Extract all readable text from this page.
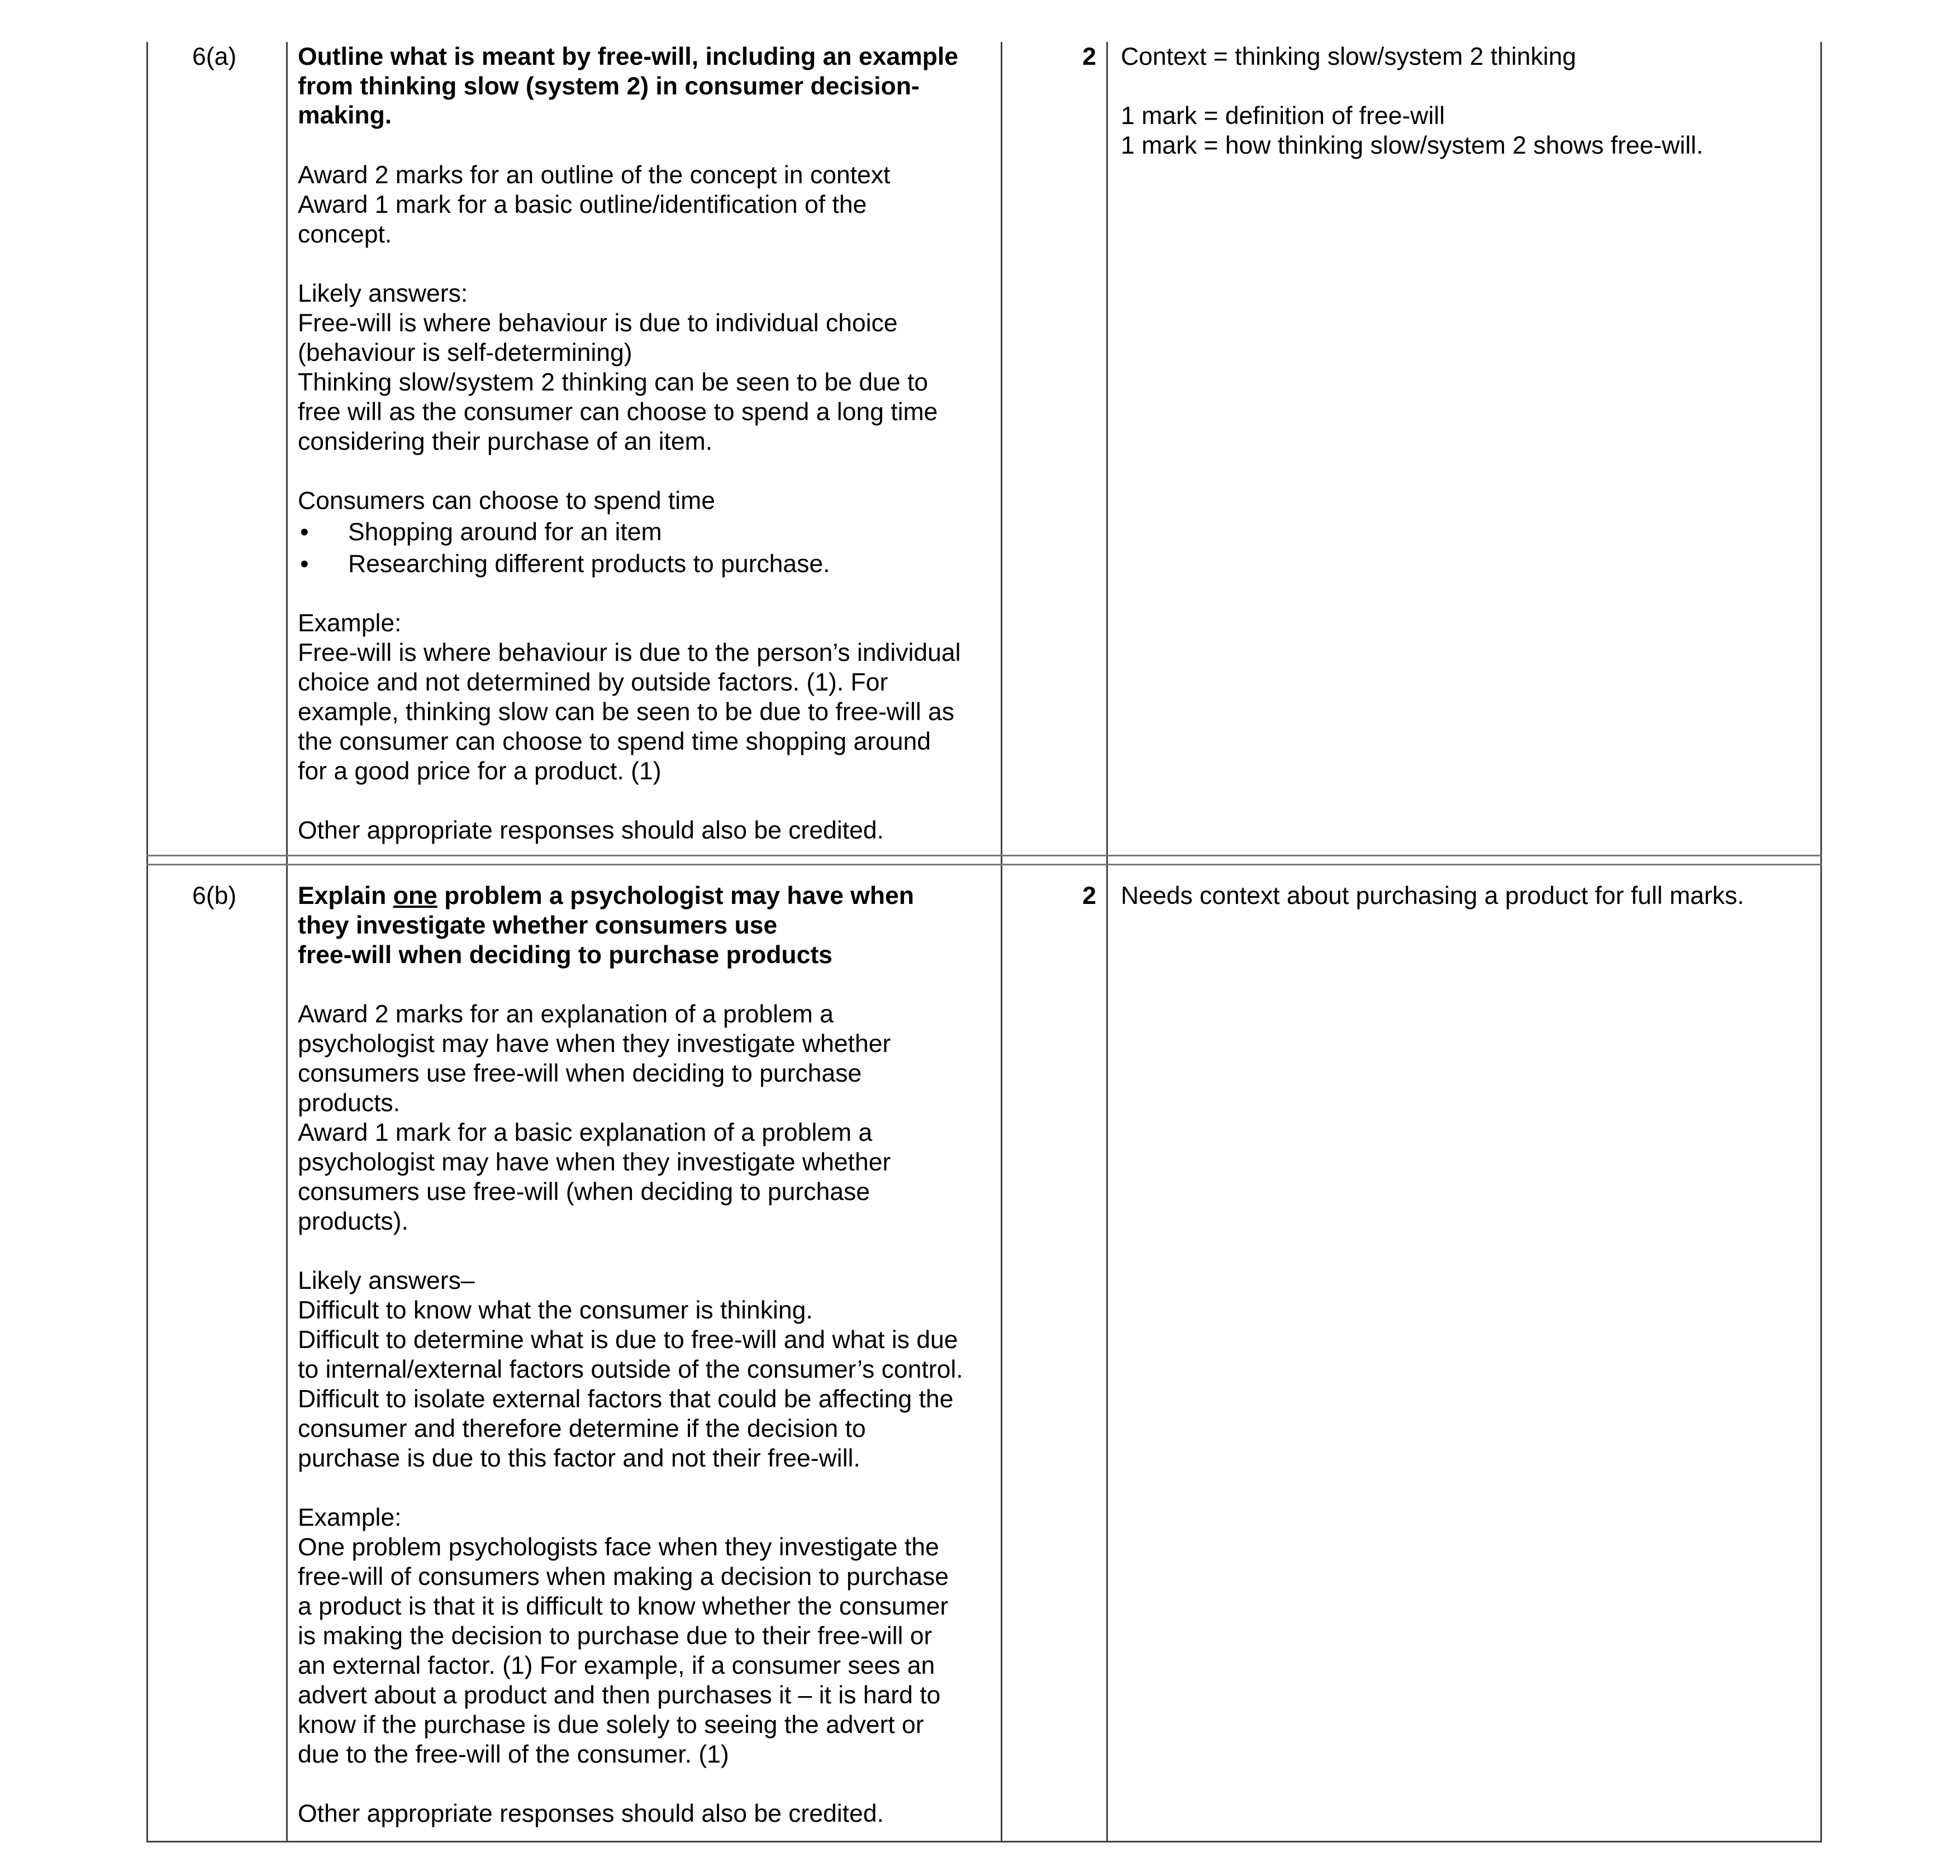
6(a) Outline what is meant by free-will, including an example
from thinking slow (system 2) in consumer decision-
making.
Award 2 marks for an outline of the concept in context
Award 1 mark for a basic outline/identification of the
concept.
Likely answers:
Free-will is where behaviour is due to individual choice
(behaviour is self-determining)
Thinking slow/system 2 thinking can be seen to be due to
free will as the consumer can choose to spend a long time
considering their purchase of an item.
Consumers can choose to spend time
• Shopping around for an item
• Researching different products to purchase.
Example:
Free-will is where behaviour is due to the person’s individual
choice and not determined by outside factors. (1). For
example, thinking slow can be seen to be due to free-will as
the consumer can choose to spend time shopping around
for a good price for a product. (1)
Other appropriate responses should also be credited.
2 Context = thinking slow/system 2 thinking
1 mark = definition of free-will
1 mark = how thinking slow/system 2 shows free-will.
6(b) Explain one problem a psychologist may have when
they investigate whether consumers use
free-will when deciding to purchase products
Award 2 marks for an explanation of a problem a
psychologist may have when they investigate whether
consumers use free-will when deciding to purchase
products.
Award 1 mark for a basic explanation of a problem a
psychologist may have when they investigate whether
consumers use free-will (when deciding to purchase
products).
Likely answers–
Difficult to know what the consumer is thinking.
Difficult to determine what is due to free-will and what is due
to internal/external factors outside of the consumer’s control.
Difficult to isolate external factors that could be affecting the
consumer and therefore determine if the decision to
purchase is due to this factor and not their free-will.
Example:
One problem psychologists face when they investigate the
free-will of consumers when making a decision to purchase
a product is that it is difficult to know whether the consumer
is making the decision to purchase due to their free-will or
an external factor. (1) For example, if a consumer sees an
advert about a product and then purchases it – it is hard to
know if the purchase is due solely to seeing the advert or
due to the free-will of the consumer. (1)
Other appropriate responses should also be credited.
2 Needs context about purchasing a product for full marks.
